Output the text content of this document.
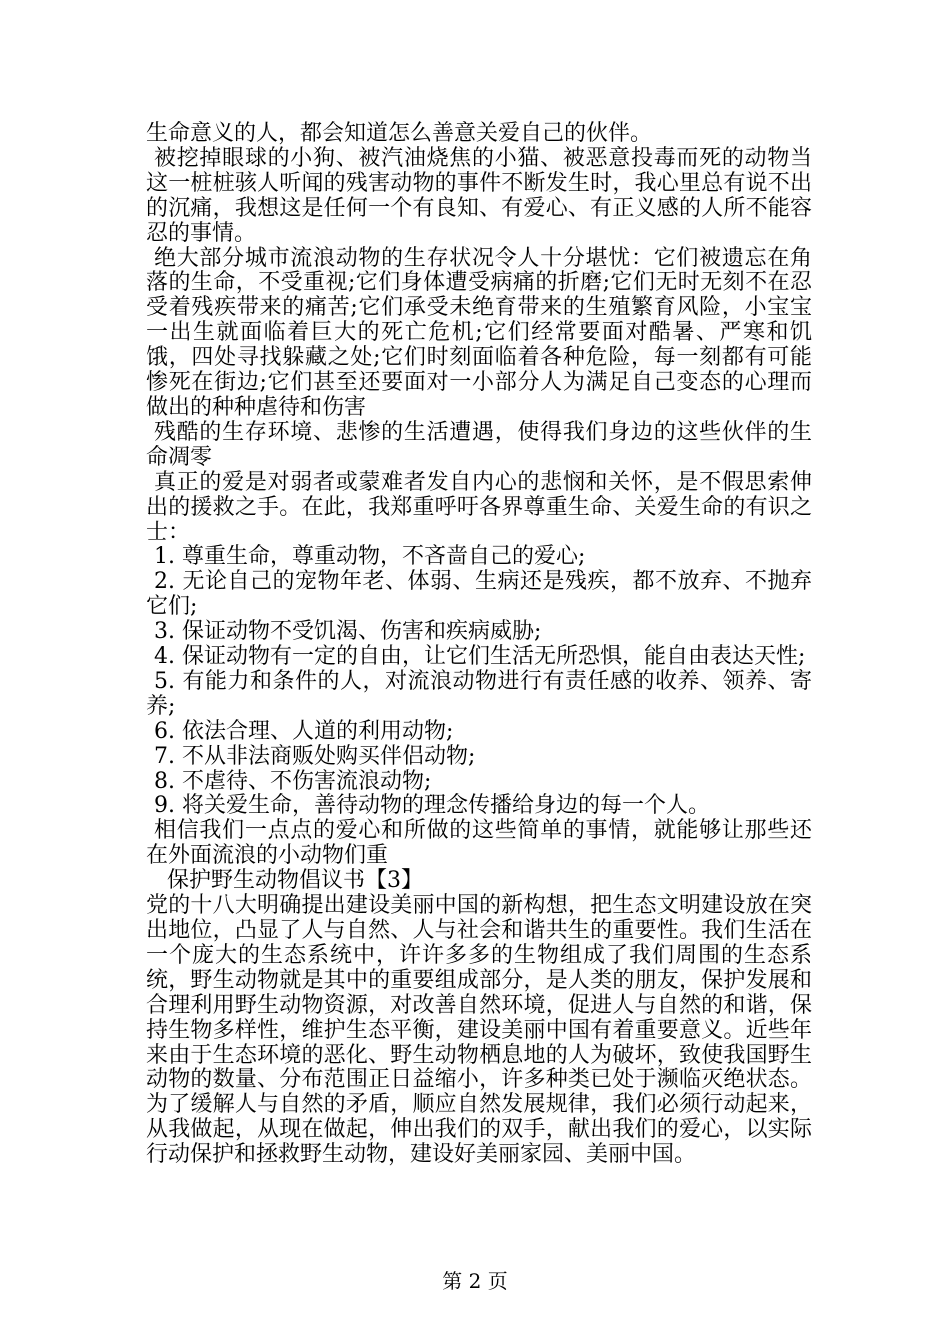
生命意义的人，都会知道怎么善意关爱自己的伙伴。

被挖掉眼球的小狗、被汽油烧焦的小猫、被恶意投毒而死的动物当这一桩桩骇人听闻的残害动物的事件不断发生时，我心里总有说不出的沉痛，我想这是任何一个有良知、有爱心、有正义感的人所不能容忍的事情。

绝大部分城市流浪动物的生存状况令人十分堪忧：它们被遗忘在角落的生命，不受重视;它们身体遭受病痛的折磨;它们无时无刻不在忍受着残疾带来的痛苦;它们承受未绝育带来的生殖繁育风险，小宝宝一出生就面临着巨大的死亡危机;它们经常要面对酷暑、严寒和饥饿，四处寻找躲藏之处;它们时刻面临着各种危险，每一刻都有可能惨死在街边;它们甚至还要面对一小部分人为满足自己变态的心理而做出的种种虐待和伤害

残酷的生存环境、悲惨的生活遭遇，使得我们身边的这些伙伴的生命凋零

真正的爱是对弱者或蒙难者发自内心的悲悯和关怀，是不假思索伸出的援救之手。在此，我郑重呼吁各界尊重生命、关爱生命的有识之士：

1. 尊重生命，尊重动物，不吝啬自己的爱心;

2. 无论自己的宠物年老、体弱、生病还是残疾，都不放弃、不抛弃它们;

3. 保证动物不受饥渴、伤害和疾病威胁;

4. 保证动物有一定的自由，让它们生活无所恐惧，能自由表达天性;

5. 有能力和条件的人，对流浪动物进行有责任感的收养、领养、寄养;

6. 依法合理、人道的利用动物;

7. 不从非法商贩处购买伴侣动物;

8. 不虐待、不伤害流浪动物;

9. 将关爱生命，善待动物的理念传播给身边的每一个人。

相信我们一点点的爱心和所做的这些简单的事情，就能够让那些还在外面流浪的小动物们重

保护野生动物倡议书【3】

党的十八大明确提出建设美丽中国的新构想，把生态文明建设放在突出地位，凸显了人与自然、人与社会和谐共生的重要性。我们生活在一个庞大的生态系统中，许许多多的生物组成了我们周围的生态系统，野生动物就是其中的重要组成部分，是人类的朋友，保护发展和合理利用野生动物资源，对改善自然环境，促进人与自然的和谐，保持生物多样性，维护生态平衡，建设美丽中国有着重要意义。近些年来由于生态环境的恶化、野生动物栖息地的人为破坏，致使我国野生动物的数量、分布范围正日益缩小，许多种类已处于濒临灭绝状态。为了缓解人与自然的矛盾，顺应自然发展规律，我们必须行动起来，从我做起，从现在做起，伸出我们的双手，献出我们的爱心，以实际行动保护和拯救野生动物，建设好美丽家园、美丽中国。

第 2 页
